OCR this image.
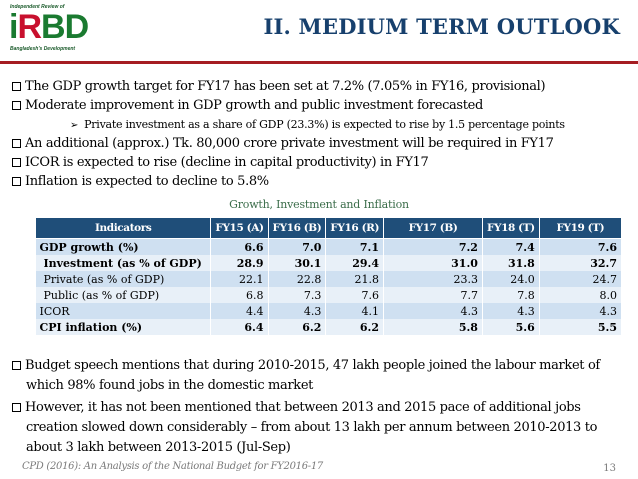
Independent Review of
iRBD
Bangladesh's Development
II. MEDIUM TERM OUTLOOK
The GDP growth target for FY17 has been set at 7.2% (7.05% in FY16, provisional)
Moderate improvement in GDP growth and public investment forecasted
➢ Private investment as a share of GDP (23.3%) is expected to rise by 1.5 percentage points
An additional (approx.) Tk. 80,000 crore private investment will be required in FY17
ICOR is expected to rise (decline in capital productivity) in FY17
Inflation is expected to decline to 5.8%
Growth, Investment and Inflation
Indicators	FY15 (A)	FY16 (B)	FY16 (R)	FY17 (B)	FY18 (T)	FY19 (T)
GDP growth (%)	6.6	7.0	7.1	7.2	7.4	7.6
Investment (as % of GDP)	28.9	30.1	29.4	31.0	31.8	32.7
Private (as % of GDP)	22.1	22.8	21.8	23.3	24.0	24.7
Public (as % of GDP)	6.8	7.3	7.6	7.7	7.8	8.0
ICOR	4.4	4.3	4.1	4.3	4.3	4.3
CPI inflation (%)	6.4	6.2	6.2	5.8	5.6	5.5
Budget speech mentions that during 2010-2015, 47 lakh people joined the labour market of
which 98% found jobs in the domestic market
However, it has not been mentioned that between 2013 and 2015 pace of additional jobs
creation slowed down considerably – from about 13 lakh per annum between 2010-2013 to
about 3 lakh between 2013-2015 (Jul-Sep)
CPD (2016): An Analysis of the National Budget for FY2016-17	13
